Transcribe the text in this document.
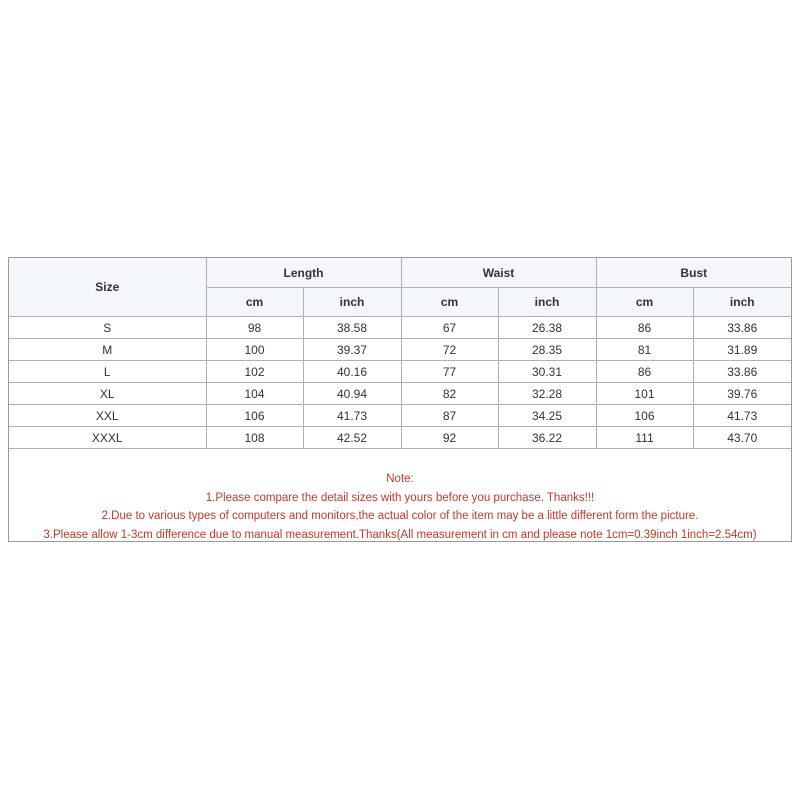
Size	Length		Waist		Bust	
	cm	inch	cm	inch	cm	inch
S	98	38.58	67	26.38	86	33.86
M	100	39.37	72	28.35	81	31.89
L	102	40.16	77	30.31	86	33.86
XL	104	40.94	82	32.28	101	39.76
XXL	106	41.73	87	34.25	106	41.73
XXXL	108	42.52	92	36.22	111	43.70
Note:
1.Please compare the detail sizes with yours before you purchase. Thanks!!!
2.Due to various types of computers and monitors,the actual color of the item may be a little different form the picture.
3.Please allow 1-3cm difference due to manual measurement.Thanks(All measurement in cm and please note 1cm=0.39inch 1inch=2.54cm)
